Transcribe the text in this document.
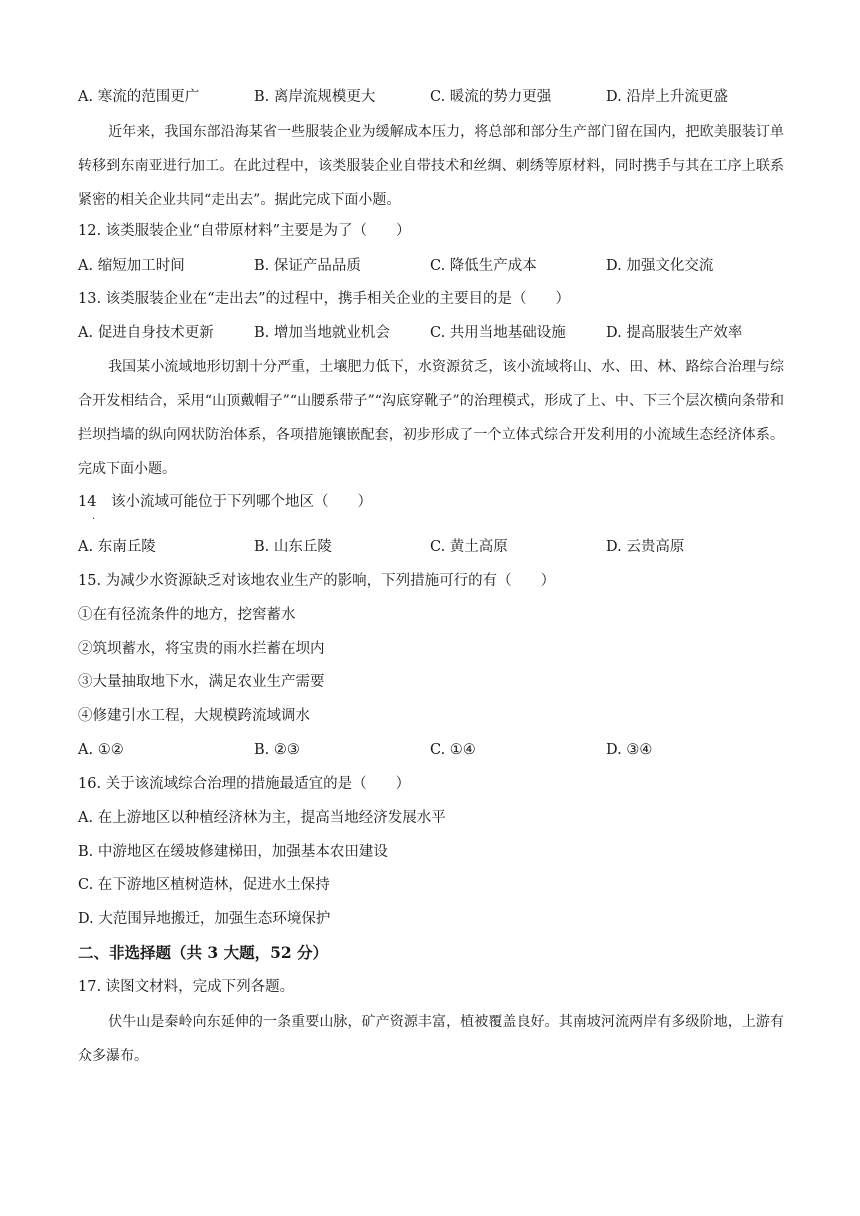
A. 寒流的范围更广	B. 离岸流规模更大	C. 暖流的势力更强	D. 沿岸上升流更盛
近年来，我国东部沿海某省一些服装企业为缓解成本压力，将总部和部分生产部门留在国内，把欧美服装订单转移到东南亚进行加工。在此过程中，该类服装企业自带技术和丝绸、刺绣等原材料，同时携手与其在工序上联系紧密的相关企业共同“走出去”。据此完成下面小题。
12. 该类服装企业“自带原材料”主要是为了（　　）
A. 缩短加工时间	B. 保证产品品质	C. 降低生产成本	D. 加强文化交流
13. 该类服装企业在“走出去”的过程中，携手相关企业的主要目的是（　　）
A. 促进自身技术更新	B. 增加当地就业机会	C. 共用当地基础设施	D. 提高服装生产效率
我国某小流域地形切割十分严重，土壤肥力低下，水资源贫乏，该小流域将山、水、田、林、路综合治理与综合开发相结合，采用“山顶戴帽子”“山腰系带子”“沟底穿靴子”的治理模式，形成了上、中、下三个层次横向条带和拦坝挡墙的纵向网状防治体系，各项措施镶嵌配套，初步形成了一个立体式综合开发利用的小流域生态经济体系。完成下面小题。
14　该小流域可能位于下列哪个地区（　　）
.
A. 东南丘陵	B. 山东丘陵	C. 黄土高原	D. 云贵高原
15. 为减少水资源缺乏对该地农业生产的影响，下列措施可行的有（　　）
①在有径流条件的地方，挖窖蓄水
②筑坝蓄水，将宝贵的雨水拦蓄在坝内
③大量抽取地下水，满足农业生产需要
④修建引水工程，大规模跨流域调水
A. ①②	B. ②③	C. ①④	D. ③④
16. 关于该流域综合治理的措施最适宜的是（　　）
A. 在上游地区以种植经济林为主，提高当地经济发展水平
B. 中游地区在缓坡修建梯田，加强基本农田建设
C. 在下游地区植树造林，促进水土保持
D. 大范围异地搬迁，加强生态环境保护
二、非选择题（共 3 大题，52 分）
17. 读图文材料，完成下列各题。
伏牛山是秦岭向东延伸的一条重要山脉，矿产资源丰富，植被覆盖良好。其南坡河流两岸有多级阶地，上游有众多瀑布。
